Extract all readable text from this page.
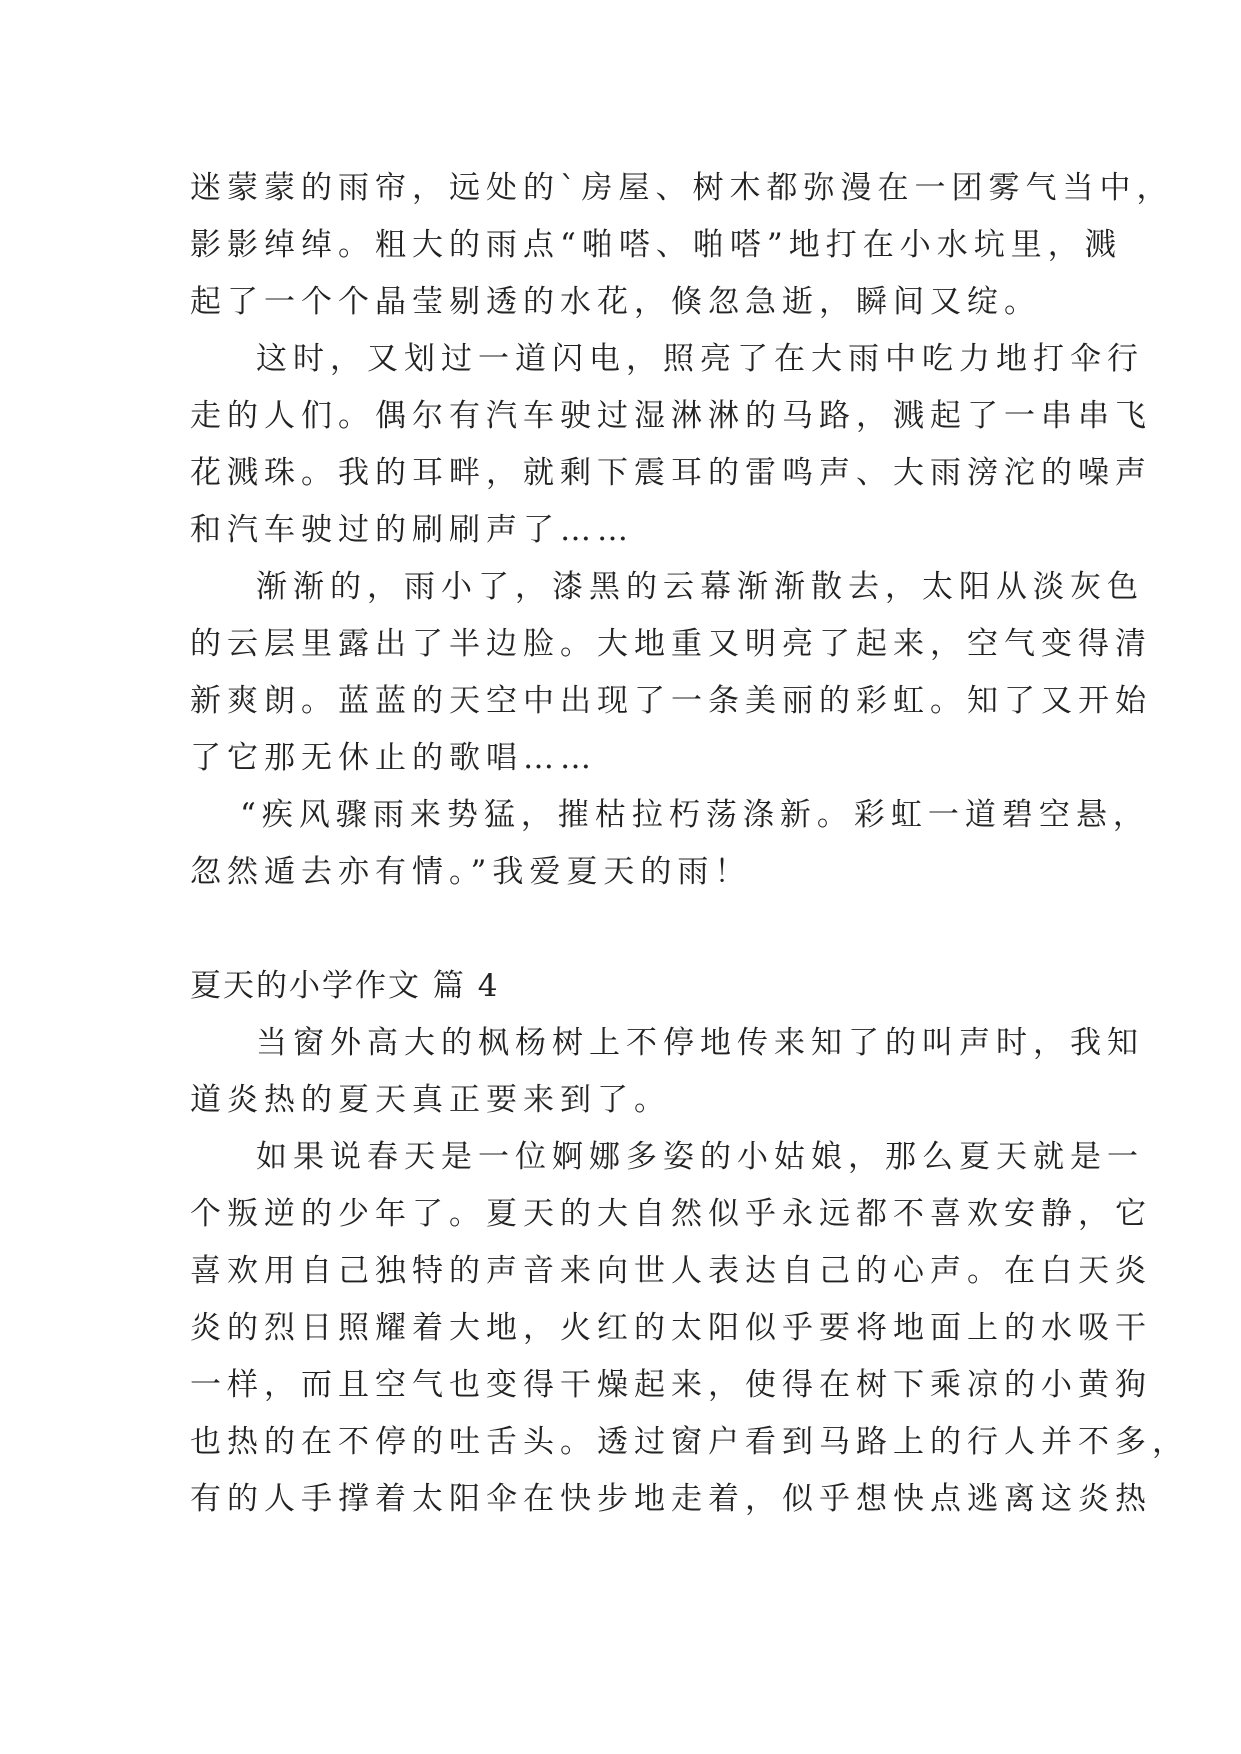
迷蒙蒙的雨帘，远处的`房屋、树木都弥漫在一团雾气当中，

影影绰绰。粗大的雨点“啪嗒、啪嗒”地打在小水坑里，溅

起了一个个晶莹剔透的水花，倏忽急逝，瞬间又绽。

这时，又划过一道闪电，照亮了在大雨中吃力地打伞行

走的人们。偶尔有汽车驶过湿淋淋的马路，溅起了一串串飞

花溅珠。我的耳畔，就剩下震耳的雷鸣声、大雨滂沱的噪声

和汽车驶过的刷刷声了……

渐渐的，雨小了，漆黑的云幕渐渐散去，太阳从淡灰色

的云层里露出了半边脸。大地重又明亮了起来，空气变得清

新爽朗。蓝蓝的天空中出现了一条美丽的彩虹。知了又开始

了它那无休止的歌唱……

“疾风骤雨来势猛，摧枯拉朽荡涤新。彩虹一道碧空悬，

忽然遁去亦有情。”我爱夏天的雨！

夏天的小学作文 篇 4

当窗外高大的枫杨树上不停地传来知了的叫声时，我知

道炎热的夏天真正要来到了。

如果说春天是一位婀娜多姿的小姑娘，那么夏天就是一

个叛逆的少年了。夏天的大自然似乎永远都不喜欢安静，它

喜欢用自己独特的声音来向世人表达自己的心声。在白天炎

炎的烈日照耀着大地，火红的太阳似乎要将地面上的水吸干

一样，而且空气也变得干燥起来，使得在树下乘凉的小黄狗

也热的在不停的吐舌头。透过窗户看到马路上的行人并不多，

有的人手撑着太阳伞在快步地走着，似乎想快点逃离这炎热
